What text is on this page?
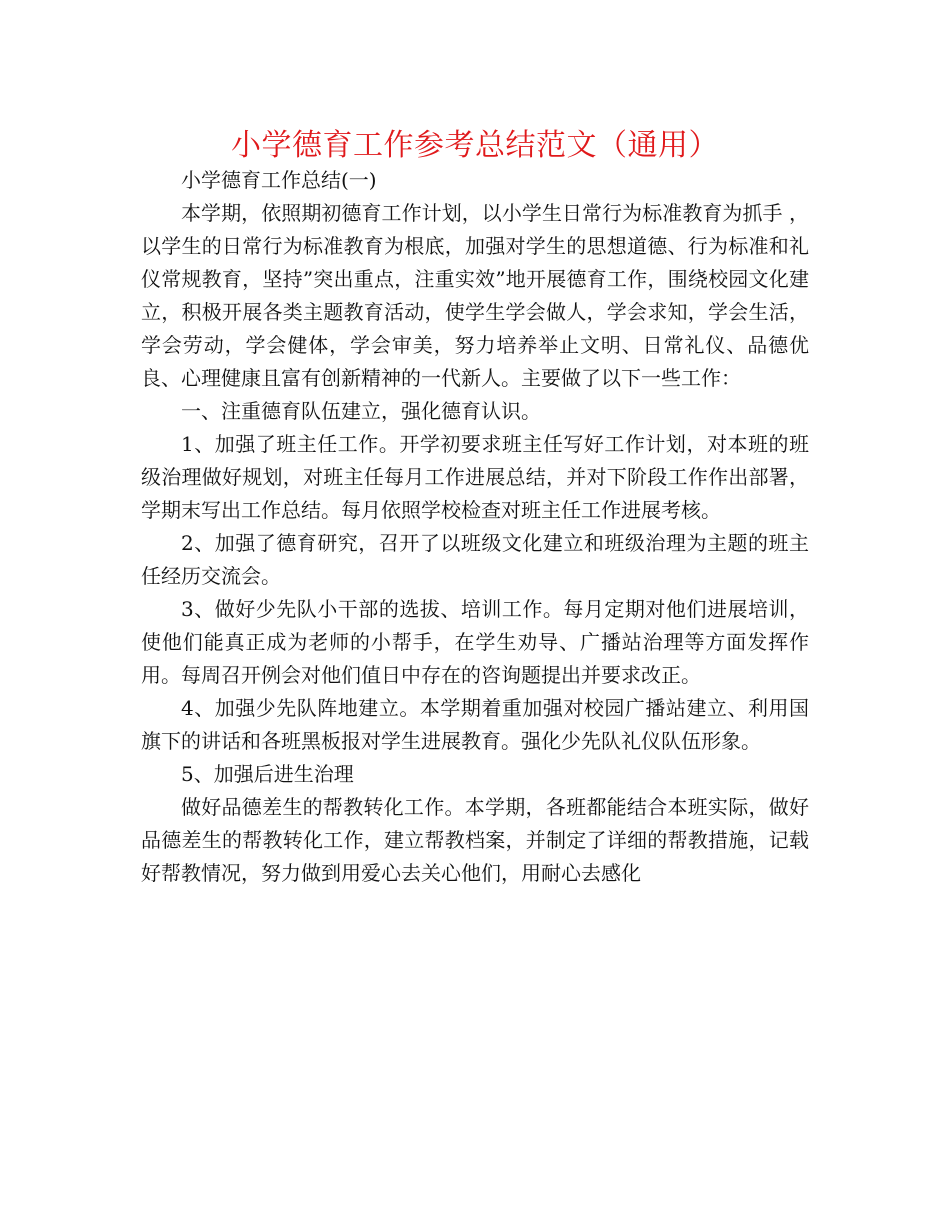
小学德育工作参考总结范文（通用）

小学德育工作总结(一)

本学期，依照期初德育工作计划，以小学生日常行为标准教育为抓手 ，以学生的日常行为标准教育为根底，加强对学生的思想道德、行为标准和礼仪常规教育，坚持”突出重点，注重实效”地开展德育工作，围绕校园文化建立，积极开展各类主题教育活动，使学生学会做人，学会求知，学会生活，学会劳动，学会健体，学会审美，努力培养举止文明、日常礼仪、品德优良、心理健康且富有创新精神的一代新人。主要做了以下一些工作：

一、注重德育队伍建立，强化德育认识。

1、加强了班主任工作。开学初要求班主任写好工作计划，对本班的班级治理做好规划，对班主任每月工作进展总结，并对下阶段工作作出部署，学期末写出工作总结。每月依照学校检查对班主任工作进展考核。

2、加强了德育研究，召开了以班级文化建立和班级治理为主题的班主任经历交流会。

3、做好少先队小干部的选拔、培训工作。每月定期对他们进展培训，使他们能真正成为老师的小帮手，在学生劝导、广播站治理等方面发挥作用。每周召开例会对他们值日中存在的咨询题提出并要求改正。

4、加强少先队阵地建立。本学期着重加强对校园广播站建立、利用国旗下的讲话和各班黑板报对学生进展教育。强化少先队礼仪队伍形象。

5、加强后进生治理

做好品德差生的帮教转化工作。本学期，各班都能结合本班实际，做好品德差生的帮教转化工作，建立帮教档案，并制定了详细的帮教措施，记载好帮教情况，努力做到用爱心去关心他们，用耐心去感化
